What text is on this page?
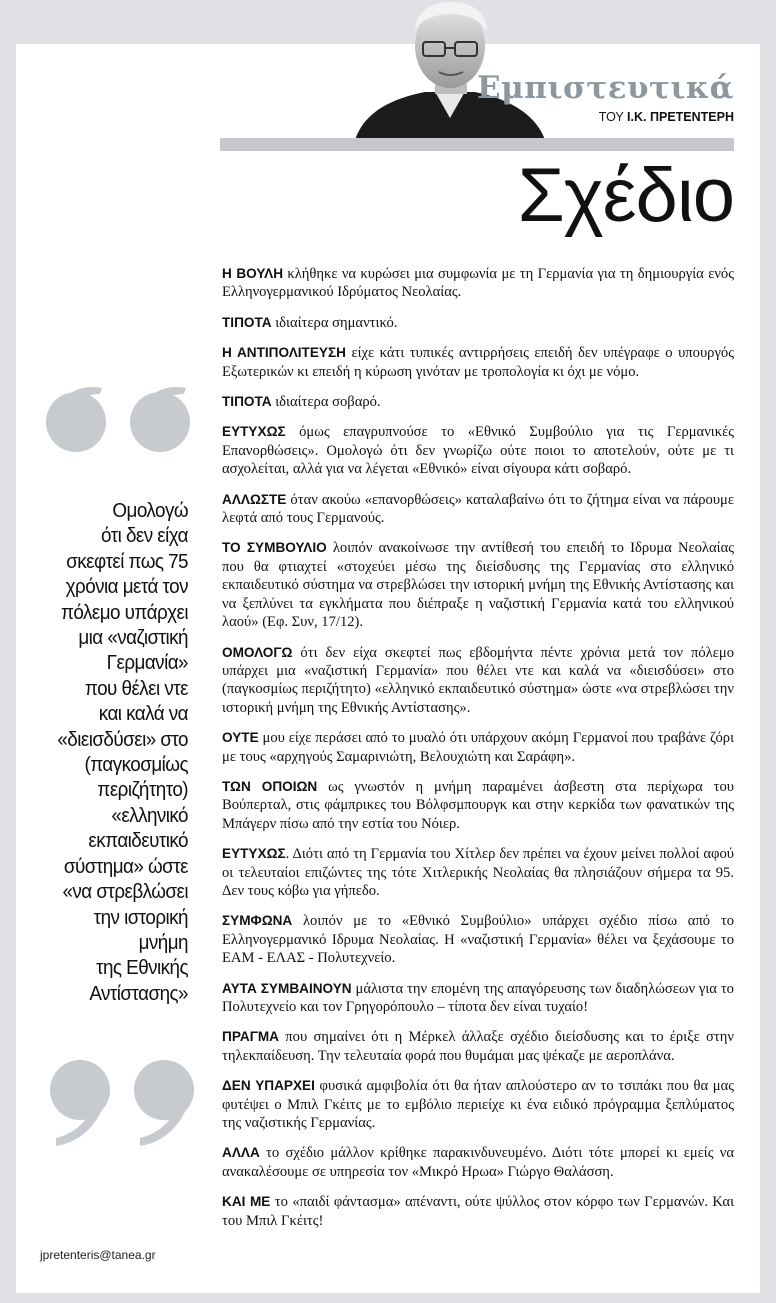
Εμπιστευτικά
ΤΟΥ Ι.Κ. ΠΡΕΤΕΝΤΕΡΗ
Σχέδιο
Ομολογώ
ότι δεν είχα
σκεφτεί πως 75
χρόνια μετά τον
πόλεμο υπάρχει
μια «ναζιστική
Γερμανία»
που θέλει ντε
και καλά να
«διεισδύσει» στο
(παγκοσμίως
περιζήτητο)
«ελληνικό
εκπαιδευτικό
σύστημα» ώστε
«να στρεβλώσει
την ιστορική
μνήμη
της Εθνικής
Αντίστασης»
jpretenteris@tanea.gr

Η ΒΟΥΛΗ κλήθηκε να κυρώσει μια συμφωνία με τη Γερμανία για τη δημιουργία ενός Ελληνογερμανικού Ιδρύματος Νεολαίας.

ΤΙΠΟΤΑ ιδιαίτερα σημαντικό.

Η ΑΝΤΙΠΟΛΙΤΕΥΣΗ είχε κάτι τυπικές αντιρρήσεις επειδή δεν υπέγραφε ο υπουργός Εξωτερικών κι επειδή η κύρωση γινόταν με τροπολογία κι όχι με νόμο.

ΤΙΠΟΤΑ ιδιαίτερα σοβαρό.

ΕΥΤΥΧΩΣ όμως επαγρυπνούσε το «Εθνικό Συμβούλιο για τις Γερμανικές Επανορθώσεις». Ομολογώ ότι δεν γνωρίζω ούτε ποιοι το αποτελούν, ούτε με τι ασχολείται, αλλά για να λέγεται «Εθνικό» είναι σίγουρα κάτι σοβαρό.

ΑΛΛΩΣΤΕ όταν ακούω «επανορθώσεις» καταλαβαίνω ότι το ζήτημα είναι να πάρουμε λεφτά από τους Γερμανούς.

ΤΟ ΣΥΜΒΟΥΛΙΟ λοιπόν ανακοίνωσε την αντίθεσή του επειδή το Ιδρυμα Νεολαίας που θα φτιαχτεί «στοχεύει μέσω της διείσδυσης της Γερμανίας στο ελληνικό εκπαιδευτικό σύστημα να στρεβλώσει την ιστορική μνήμη της Εθνικής Αντίστασης και να ξεπλύνει τα εγκλήματα που διέπραξε η ναζιστική Γερμανία κατά του ελληνικού λαού» (Εφ. Συν, 17/12).

ΟΜΟΛΟΓΩ ότι δεν είχα σκεφτεί πως εβδομήντα πέντε χρόνια μετά τον πόλεμο υπάρχει μια «ναζιστική Γερμανία» που θέλει ντε και καλά να «διεισδύσει» στο (παγκοσμίως περιζήτητο) «ελληνικό εκπαιδευτικό σύστημα» ώστε «να στρεβλώσει την ιστορική μνήμη της Εθνικής Αντίστασης».

ΟΥΤΕ μου είχε περάσει από το μυαλό ότι υπάρχουν ακόμη Γερμανοί που τραβάνε ζόρι με τους «αρχηγούς Σαμαρινιώτη, Βελουχιώτη και Σαράφη».

ΤΩΝ ΟΠΟΙΩΝ ως γνωστόν η μνήμη παραμένει άσβεστη στα περίχωρα του Βούπερταλ, στις φάμπρικες του Βόλφσμπουργκ και στην κερκίδα των φανατικών της Μπάγερν πίσω από την εστία του Νόιερ.

ΕΥΤΥΧΩΣ. Διότι από τη Γερμανία του Χίτλερ δεν πρέπει να έχουν μείνει πολλοί αφού οι τελευταίοι επιζώντες της τότε Χιτλερικής Νεολαίας θα πλησιάζουν σήμερα τα 95. Δεν τους κόβω για γήπεδο.

ΣΥΜΦΩΝΑ λοιπόν με το «Εθνικό Συμβούλιο» υπάρχει σχέδιο πίσω από το Ελληνογερμανικό Ιδρυμα Νεολαίας. Η «ναζιστική Γερμανία» θέλει να ξεχάσουμε το ΕΑΜ - ΕΛΑΣ - Πολυτεχνείο.

ΑΥΤΑ ΣΥΜΒΑΙΝΟΥΝ μάλιστα την επομένη της απαγόρευσης των διαδηλώσεων για το Πολυτεχνείο και τον Γρηγορόπουλο – τίποτα δεν είναι τυχαίο!

ΠΡΑΓΜΑ που σημαίνει ότι η Μέρκελ άλλαξε σχέδιο διείσδυσης και το έριξε στην τηλεκπαίδευση. Την τελευταία φορά που θυμάμαι μας ψέκαζε με αεροπλάνα.

ΔΕΝ ΥΠΑΡΧΕΙ φυσικά αμφιβολία ότι θα ήταν απλούστερο αν το τσιπάκι που θα μας φυτέψει ο Μπιλ Γκέιτς με το εμβόλιο περιείχε κι ένα ειδικό πρόγραμμα ξεπλύματος της ναζιστικής Γερμανίας.

ΑΛΛΑ το σχέδιο μάλλον κρίθηκε παρακινδυνευμένο. Διότι τότε μπορεί κι εμείς να ανακαλέσουμε σε υπηρεσία τον «Μικρό Ηρωα» Γιώργο Θαλάσση.

ΚΑΙ ΜΕ το «παιδί φάντασμα» απέναντι, ούτε ψύλλος στον κόρφο των Γερμανών. Και του Μπιλ Γκέιτς!
